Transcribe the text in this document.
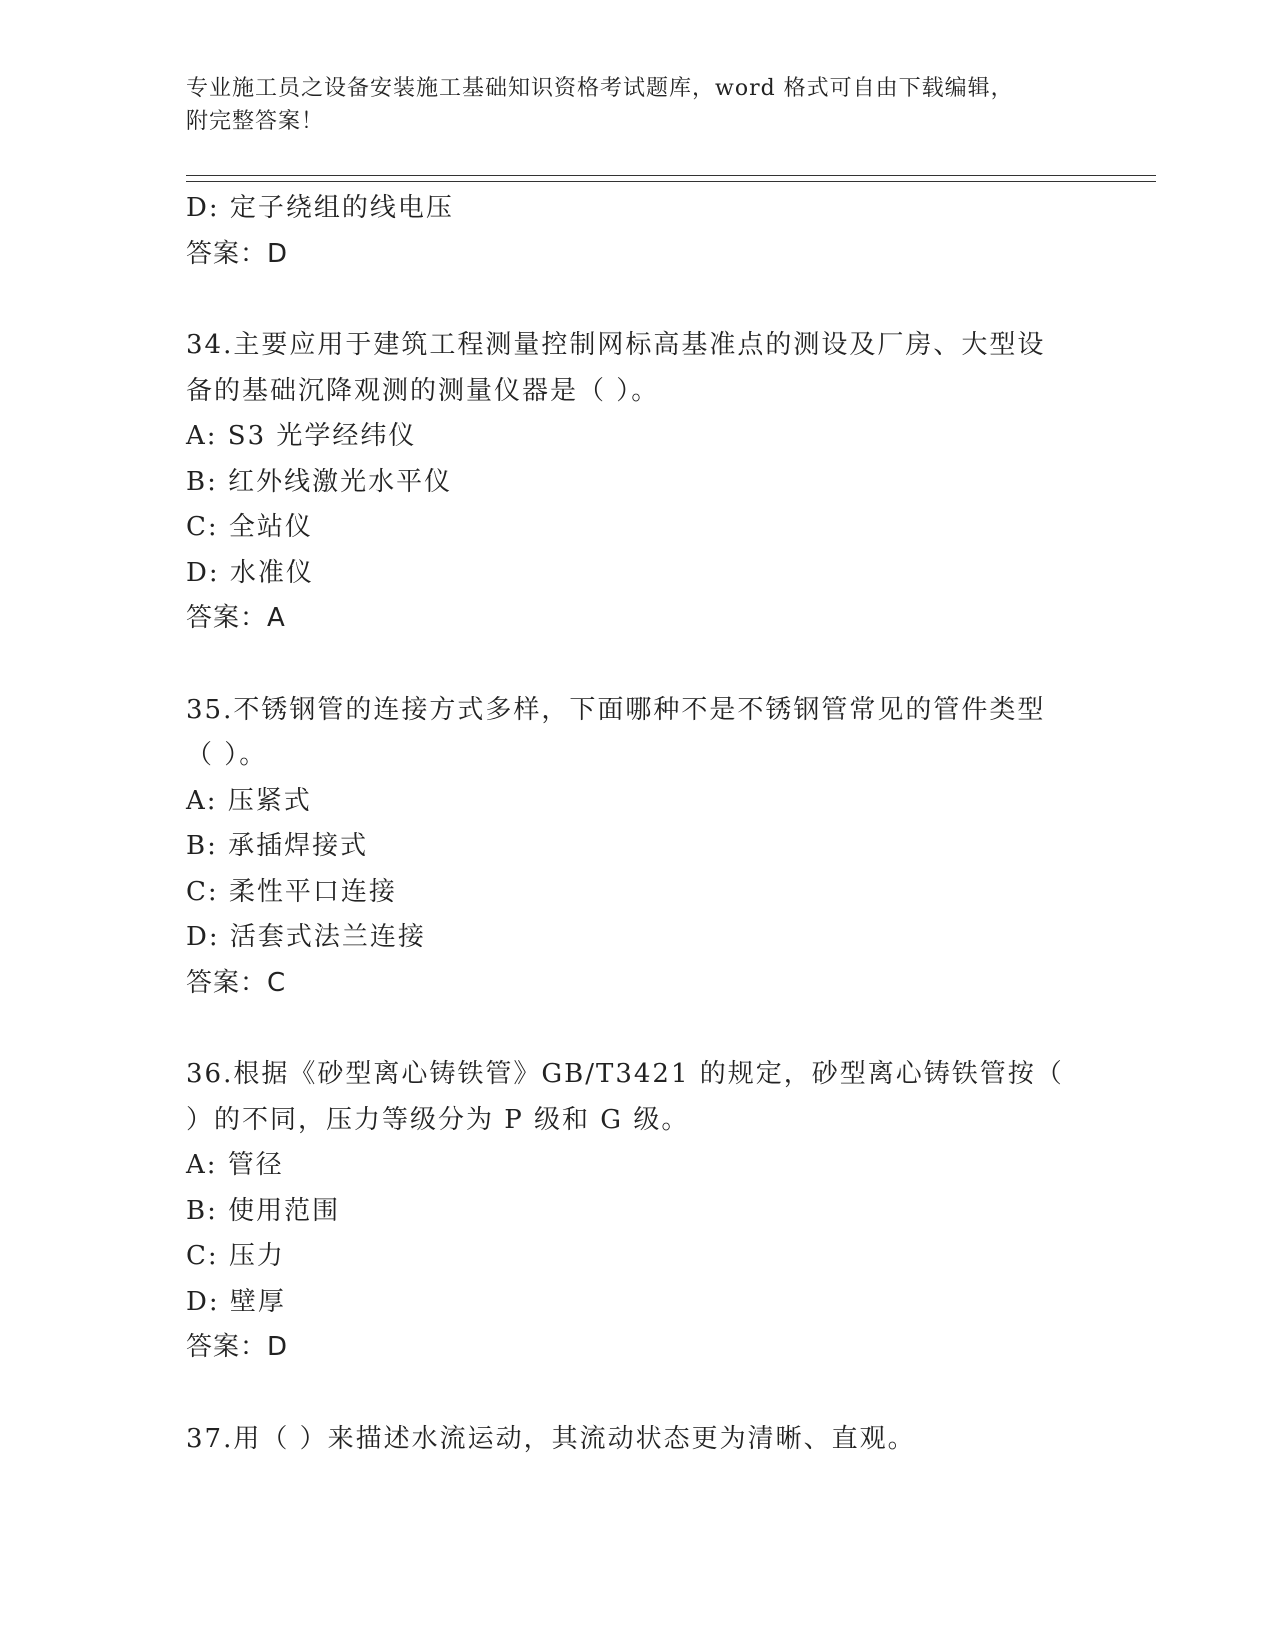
专业施工员之设备安装施工基础知识资格考试题库，word 格式可自由下载编辑，
附完整答案！
D: 定子绕组的线电压
答案：D
34.主要应用于建筑工程测量控制网标高基准点的测设及厂房、大型设
备的基础沉降观测的测量仪器是（ ）。
A: S3 光学经纬仪
B: 红外线激光水平仪
C: 全站仪
D: 水准仪
答案：A
35.不锈钢管的连接方式多样，下面哪种不是不锈钢管常见的管件类型
（ ）。
A: 压紧式
B: 承插焊接式
C: 柔性平口连接
D: 活套式法兰连接
答案：C
36.根据《砂型离心铸铁管》GB/T3421 的规定，砂型离心铸铁管按（
）的不同，压力等级分为 P 级和 G 级。
A: 管径
B: 使用范围
C: 压力
D: 壁厚
答案：D
37.用（ ）来描述水流运动，其流动状态更为清晰、直观。
